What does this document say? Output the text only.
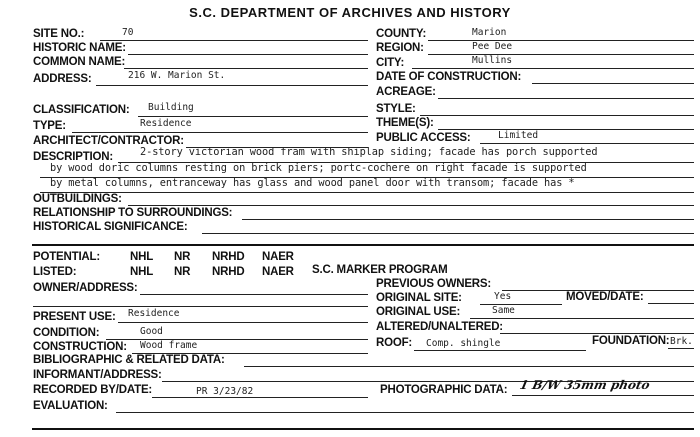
S.C. DEPARTMENT OF ARCHIVES AND HISTORY
SITE NO.:	70
HISTORIC NAME:
COMMON NAME:
ADDRESS:	216 W. Marion St.
COUNTY:	Marion
REGION:	Pee Dee
CITY:	Mullins
DATE OF CONSTRUCTION:
ACREAGE:
CLASSIFICATION: Building	STYLE:
TYPE:	Residence	THEME(S):
ARCHITECT/CONTRACTOR:	PUBLIC ACCESS:	Limited
DESCRIPTION:	2-story victorian wood fram with shiplap siding; facade has porch supported
by wood doric columns resting on brick piers; portc-cochere on right facade is supported
by metal columns, entranceway has glass and wood panel door with transom; facade has *
OUTBUILDINGS:
RELATIONSHIP TO SURROUNDINGS:
HISTORICAL SIGNIFICANCE:
POTENTIAL:	NHL NR NRHD NAER
LISTED:	NHL NR NRHD NAER S.C. MARKER PROGRAM
OWNER/ADDRESS:	PREVIOUS OWNERS:
ORIGINAL SITE:	Yes	MOVED/DATE:
PRESENT USE: Residence	ORIGINAL USE:	Same
CONDITION:	Good	ALTERED/UNALTERED:
CONSTRUCTION: Wood frame	ROOF: Comp. shingle	FOUNDATION: Brk.
BIBLIOGRAPHIC & RELATED DATA:
INFORMANT/ADDRESS:
RECORDED BY/DATE:	PR 3/23/82	PHOTOGRAPHIC DATA: 1 B/W 35mm photo
EVALUATION:
